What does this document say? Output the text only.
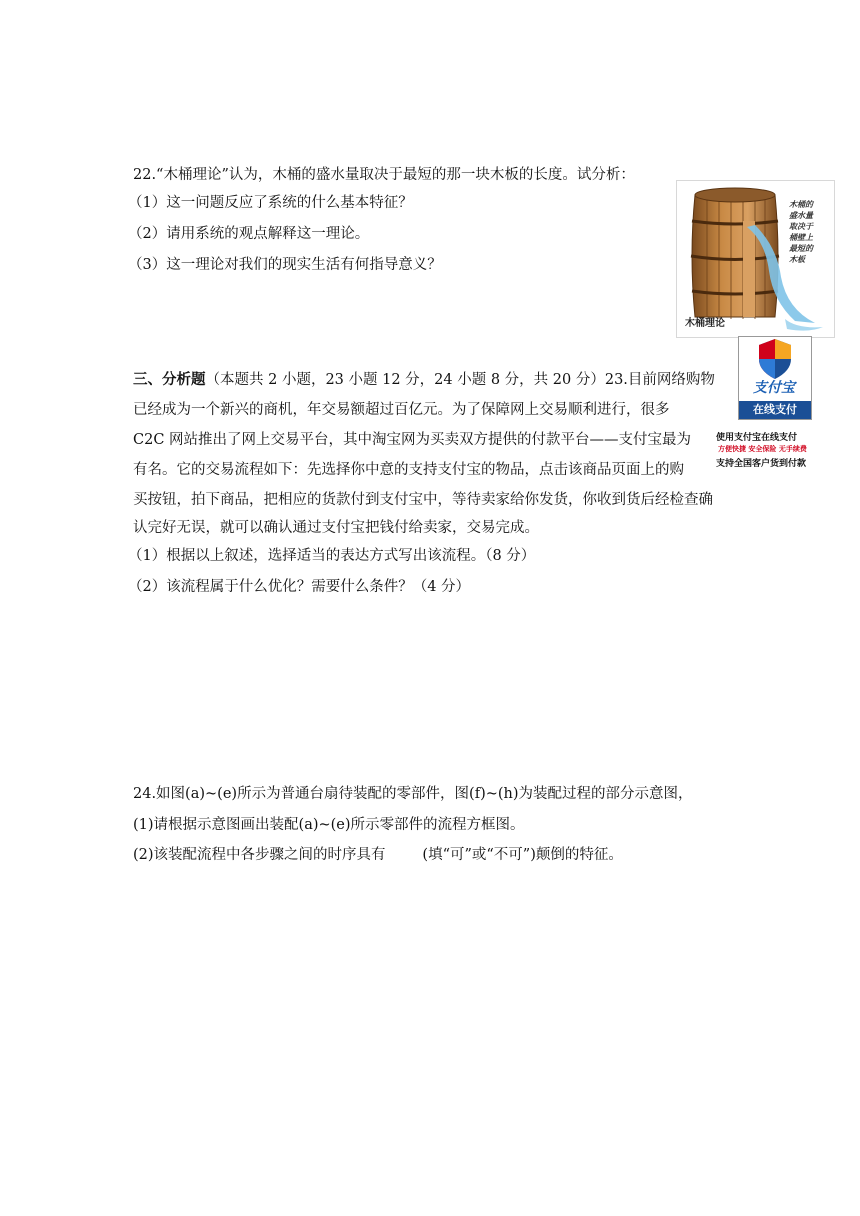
22.“木桶理论”认为，木桶的盛水量取决于最短的那一块木板的长度。试分析：
（1）这一问题反应了系统的什么基本特征？
（2）请用系统的观点解释这一理论。
（3）这一理论对我们的现实生活有何指导意义？
木桶的
盛水量
取决于
桶壁上
最短的
木板
木桶理论
三、分析题（本题共 2 小题，23 小题 12 分，24 小题 8 分，共 20 分）23.目前网络购物
已经成为一个新兴的商机，年交易额超过百亿元。为了保障网上交易顺利进行，很多
C2C 网站推出了网上交易平台，其中淘宝网为买卖双方提供的付款平台——支付宝最为
有名。它的交易流程如下：先选择你中意的支持支付宝的物品，点击该商品页面上的购
买按钮，拍下商品，把相应的货款付到支付宝中，等待卖家给你发货，你收到货后经检查确
认完好无误，就可以确认通过支付宝把钱付给卖家，交易完成。
（1）根据以上叙述，选择适当的表达方式写出该流程。（8 分）
（2）该流程属于什么优化？需要什么条件？（4 分）
支付宝
在线支付
使用支付宝在线支付
方便快捷 安全保险 无手续费
支持全国客户货到付款
24.如图(a)~(e)所示为普通台扇待装配的零部件，图(f)~(h)为装配过程的部分示意图，
(1)请根据示意图画出装配(a)~(e)所示零部件的流程方框图。
(2)该装配流程中各步骤之间的时序具有        (填“可”或“不可”)颠倒的特征。
